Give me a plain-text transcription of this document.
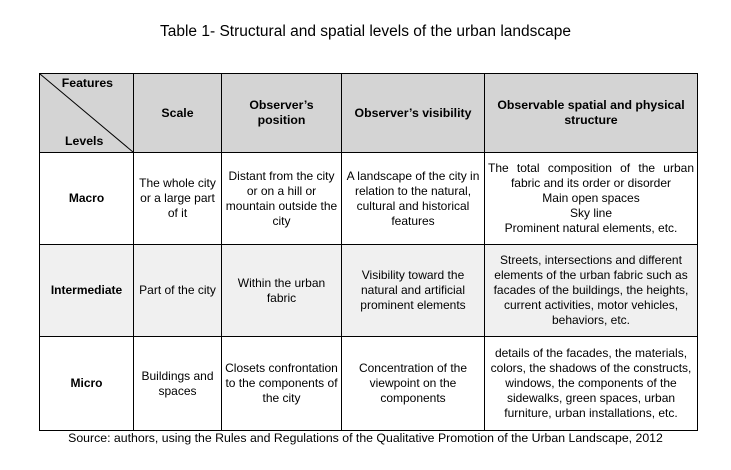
Table 1- Structural and spatial levels of the urban landscape
Features
Levels	Scale	Observer’s position	Observer’s visibility	Observable spatial and physical structure
Macro	The whole city or a large part of it	Distant from the city or on a hill or mountain outside the city	A landscape of the city in relation to the natural, cultural and historical features	The total composition of the urban fabric and its order or disorder
Main open spaces
Sky line
Prominent natural elements, etc.

Intermediate	Part of the city	Within the urban fabric	Visibility toward the natural and artificial prominent elements	Streets, intersections and different elements of the urban fabric such as facades of the buildings, the heights, current activities, motor vehicles, behaviors, etc.
Micro	Buildings and spaces	Closets confrontation to the components of the city	Concentration of the viewpoint on the components	details of the facades, the materials, colors, the shadows of the constructs, windows, the components of the sidewalks, green spaces, urban furniture, urban installations, etc.
Source: authors, using the Rules and Regulations of the Qualitative Promotion of the Urban Landscape, 2012
